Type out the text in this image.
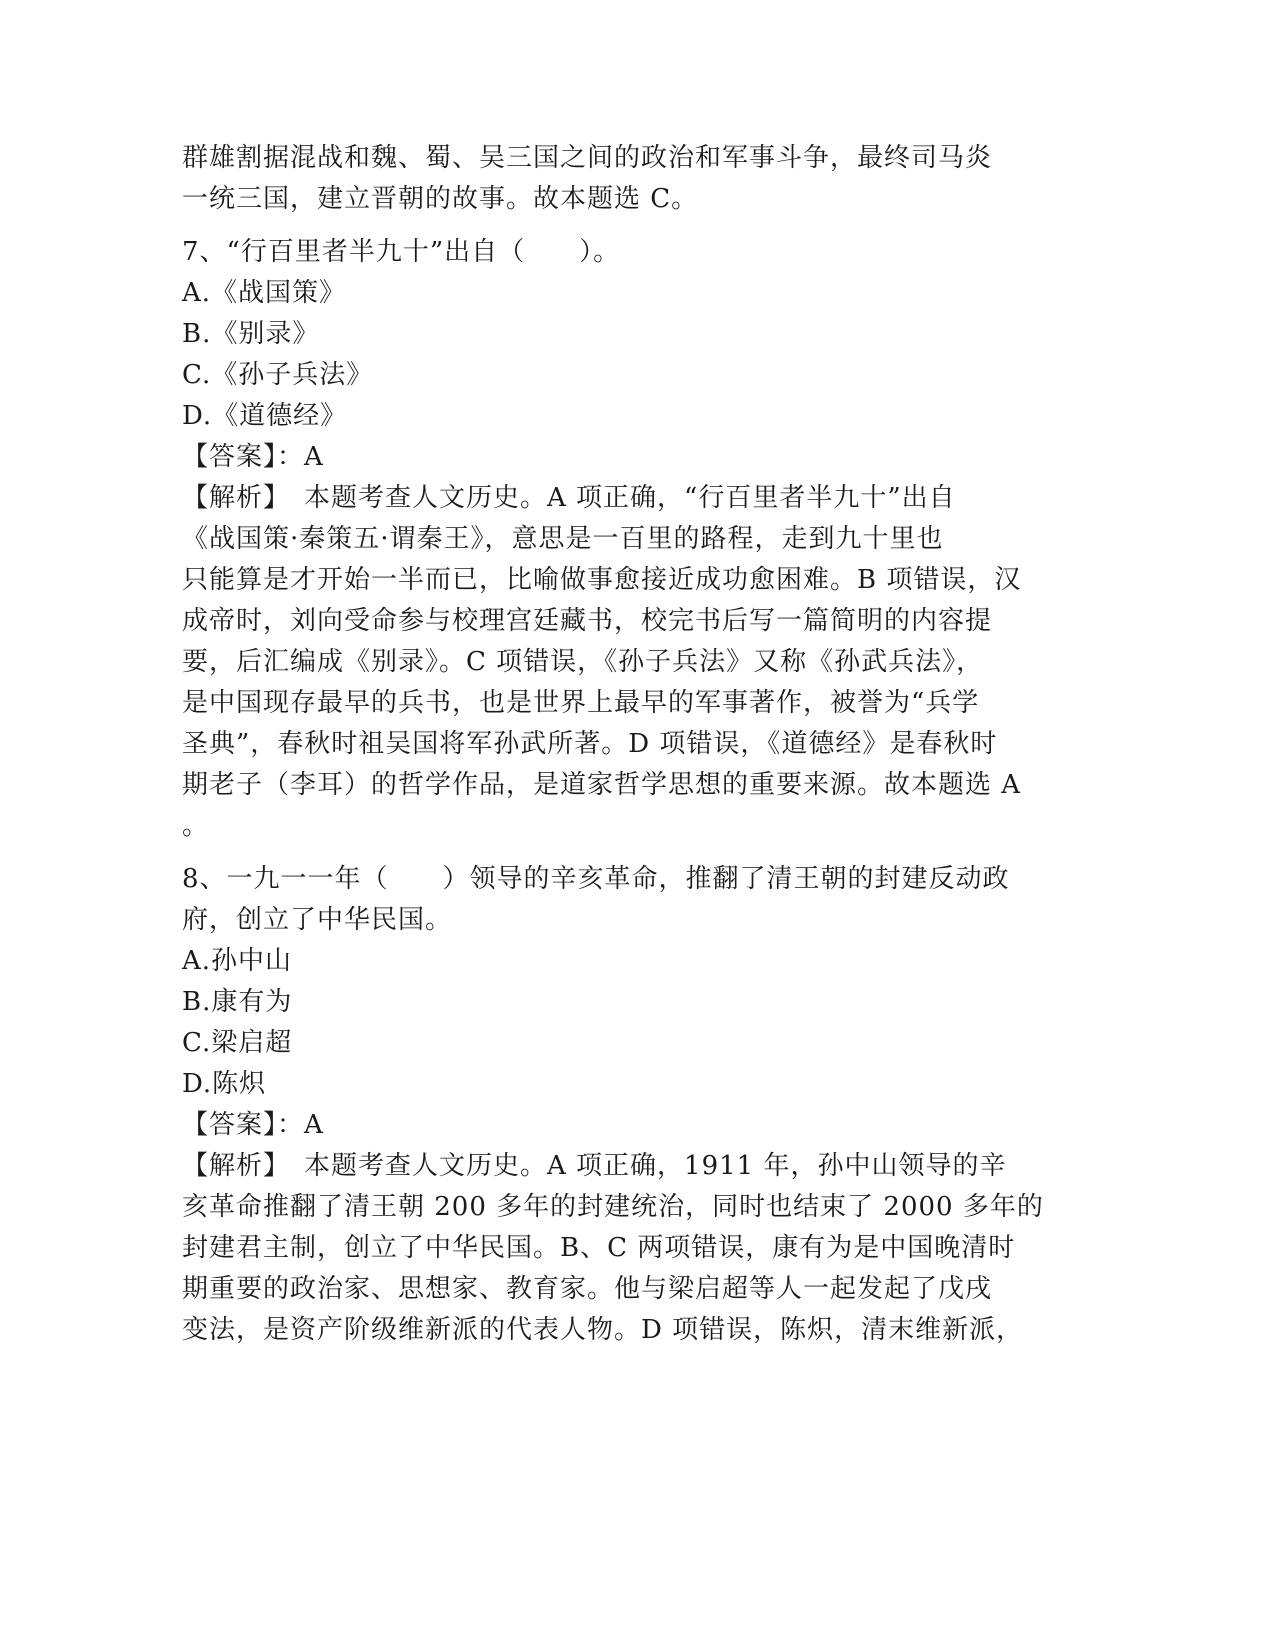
群雄割据混战和魏、蜀、吴三国之间的政治和军事斗争，最终司马炎
一统三国，建立晋朝的故事。故本题选 C。
7、“行百里者半九十”出自（　　）。
A.《战国策》
B.《别录》
C.《孙子兵法》
D.《道德经》
【答案】：A
【解析】　本题考查人文历史。A 项正确，“行百里者半九十”出自
《战国策·秦策五·谓秦王》，意思是一百里的路程，走到九十里也
只能算是才开始一半而已，比喻做事愈接近成功愈困难。B 项错误，汉
成帝时，刘向受命参与校理宫廷藏书，校完书后写一篇简明的内容提
要，后汇编成《别录》。C 项错误，《孙子兵法》又称《孙武兵法》，
是中国现存最早的兵书，也是世界上最早的军事著作，被誉为“兵学
圣典”，春秋时祖吴国将军孙武所著。D 项错误，《道德经》是春秋时
期老子（李耳）的哲学作品，是道家哲学思想的重要来源。故本题选 A
。
8、一九一一年（　　）领导的辛亥革命，推翻了清王朝的封建反动政
府，创立了中华民国。
A.孙中山
B.康有为
C.梁启超
D.陈炽
【答案】：A
【解析】　本题考查人文历史。A 项正确，1911 年，孙中山领导的辛
亥革命推翻了清王朝 200 多年的封建统治，同时也结束了 2000 多年的
封建君主制，创立了中华民国。B、C 两项错误，康有为是中国晚清时
期重要的政治家、思想家、教育家。他与梁启超等人一起发起了戊戌
变法，是资产阶级维新派的代表人物。D 项错误，陈炽，清末维新派，
